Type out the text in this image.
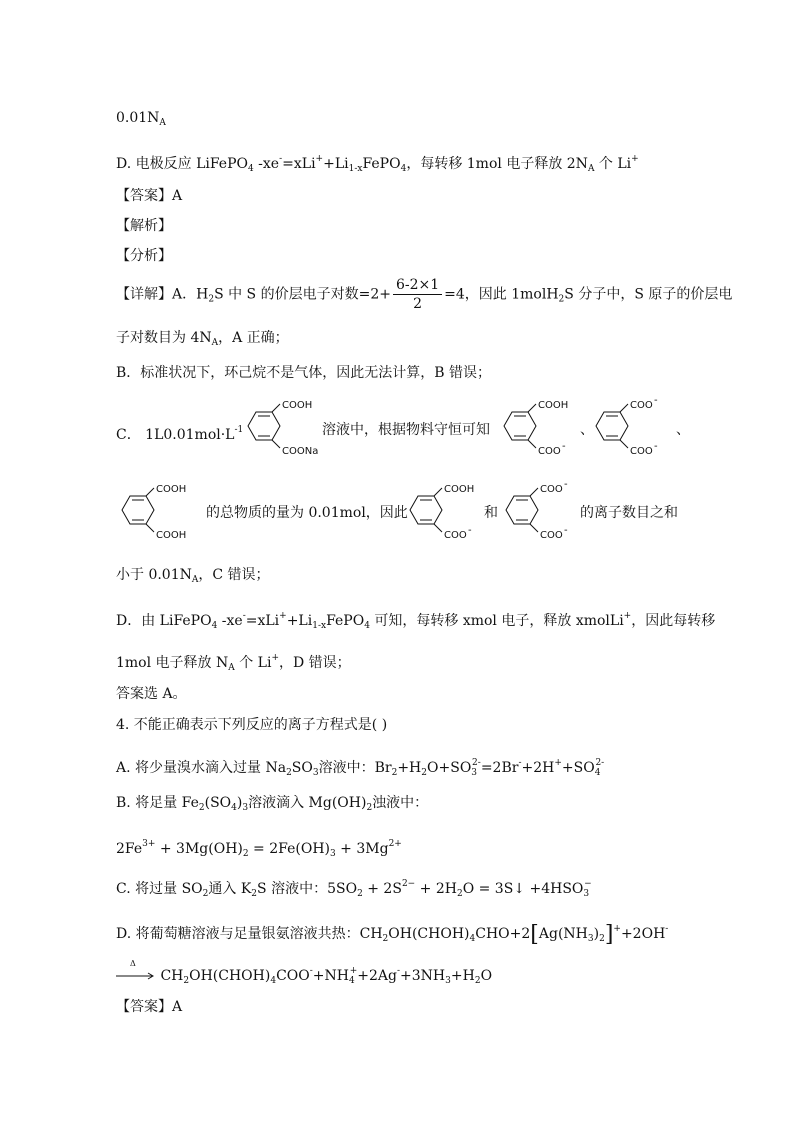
$0.01N_A$
D. 电极反应 LiFePO$_4$ $-xe^-=xLi^++Li_{1-x}FePO_4$，每转移 1mol 电子释放 $2N_A$ 个 Li+
【答案】A
【解析】
【分析】
【详解】A．$H_2S$ 中 S 的价层电子对数$=2+ \frac{6-2\times 1}{2} =4$，因此 1molH$_2$S 分子中，S 原子的价层电
子对数目为 $4N_A$，A 正确；
B．标准状况下，环己烷不是气体，因此无法计算，B 错误；
C． $1L0.01mol\cdot L^{-1}$
COOH
COONa
溶液中，根据物料守恒可知
COOH
COO -
、
COO -
COO -
、
COOH
COOH
的总物质的量为 0.01mol，因此
COOH
COO -
和
COO -
COO -
的离子数目之和
小于 $0.01N_A$，C 错误；
D．由 LiFePO$_4$ $-xe^-=xLi^++Li_{1-x}FePO_4$ 可知，每转移 xmol 电子，释放 xmolLi+，因此每转移
1mol 电子释放 $N_A$ 个 Li+，D 错误；
答案选 A。
4. 不能正确表示下列反应的离子方程式是( )
A. 将少量溴水滴入过量 $Na_2SO_3$溶液中：$Br_2+H_2O+SO_3^{2-}=2Br^-+2H^++SO_4^{2-}$
B. 将足量 $Fe_2(SO_4)_3$溶液滴入 $Mg(OH)_2$浊液中：
$2Fe^{3+} + 3Mg(OH)_2 = 2Fe(OH)_3 + 3Mg^{2+}$
C. 将过量 $SO_2$通入 $K_2S$ 溶液中：$5SO_2 + 2S^{2-} + 2H_2O$ = 3S↓ $+4HSO_3^-$
D. 将葡萄糖溶液与足量银氨溶液共热：$CH_2OH(CHOH)_4CHO+2[Ag(NH_3)_2]^++2OH^-$
Δ
$CH_2OH(CHOH)_4COO^-+NH_4^++2Ag^-+3NH_3+H_2O$
【答案】A
